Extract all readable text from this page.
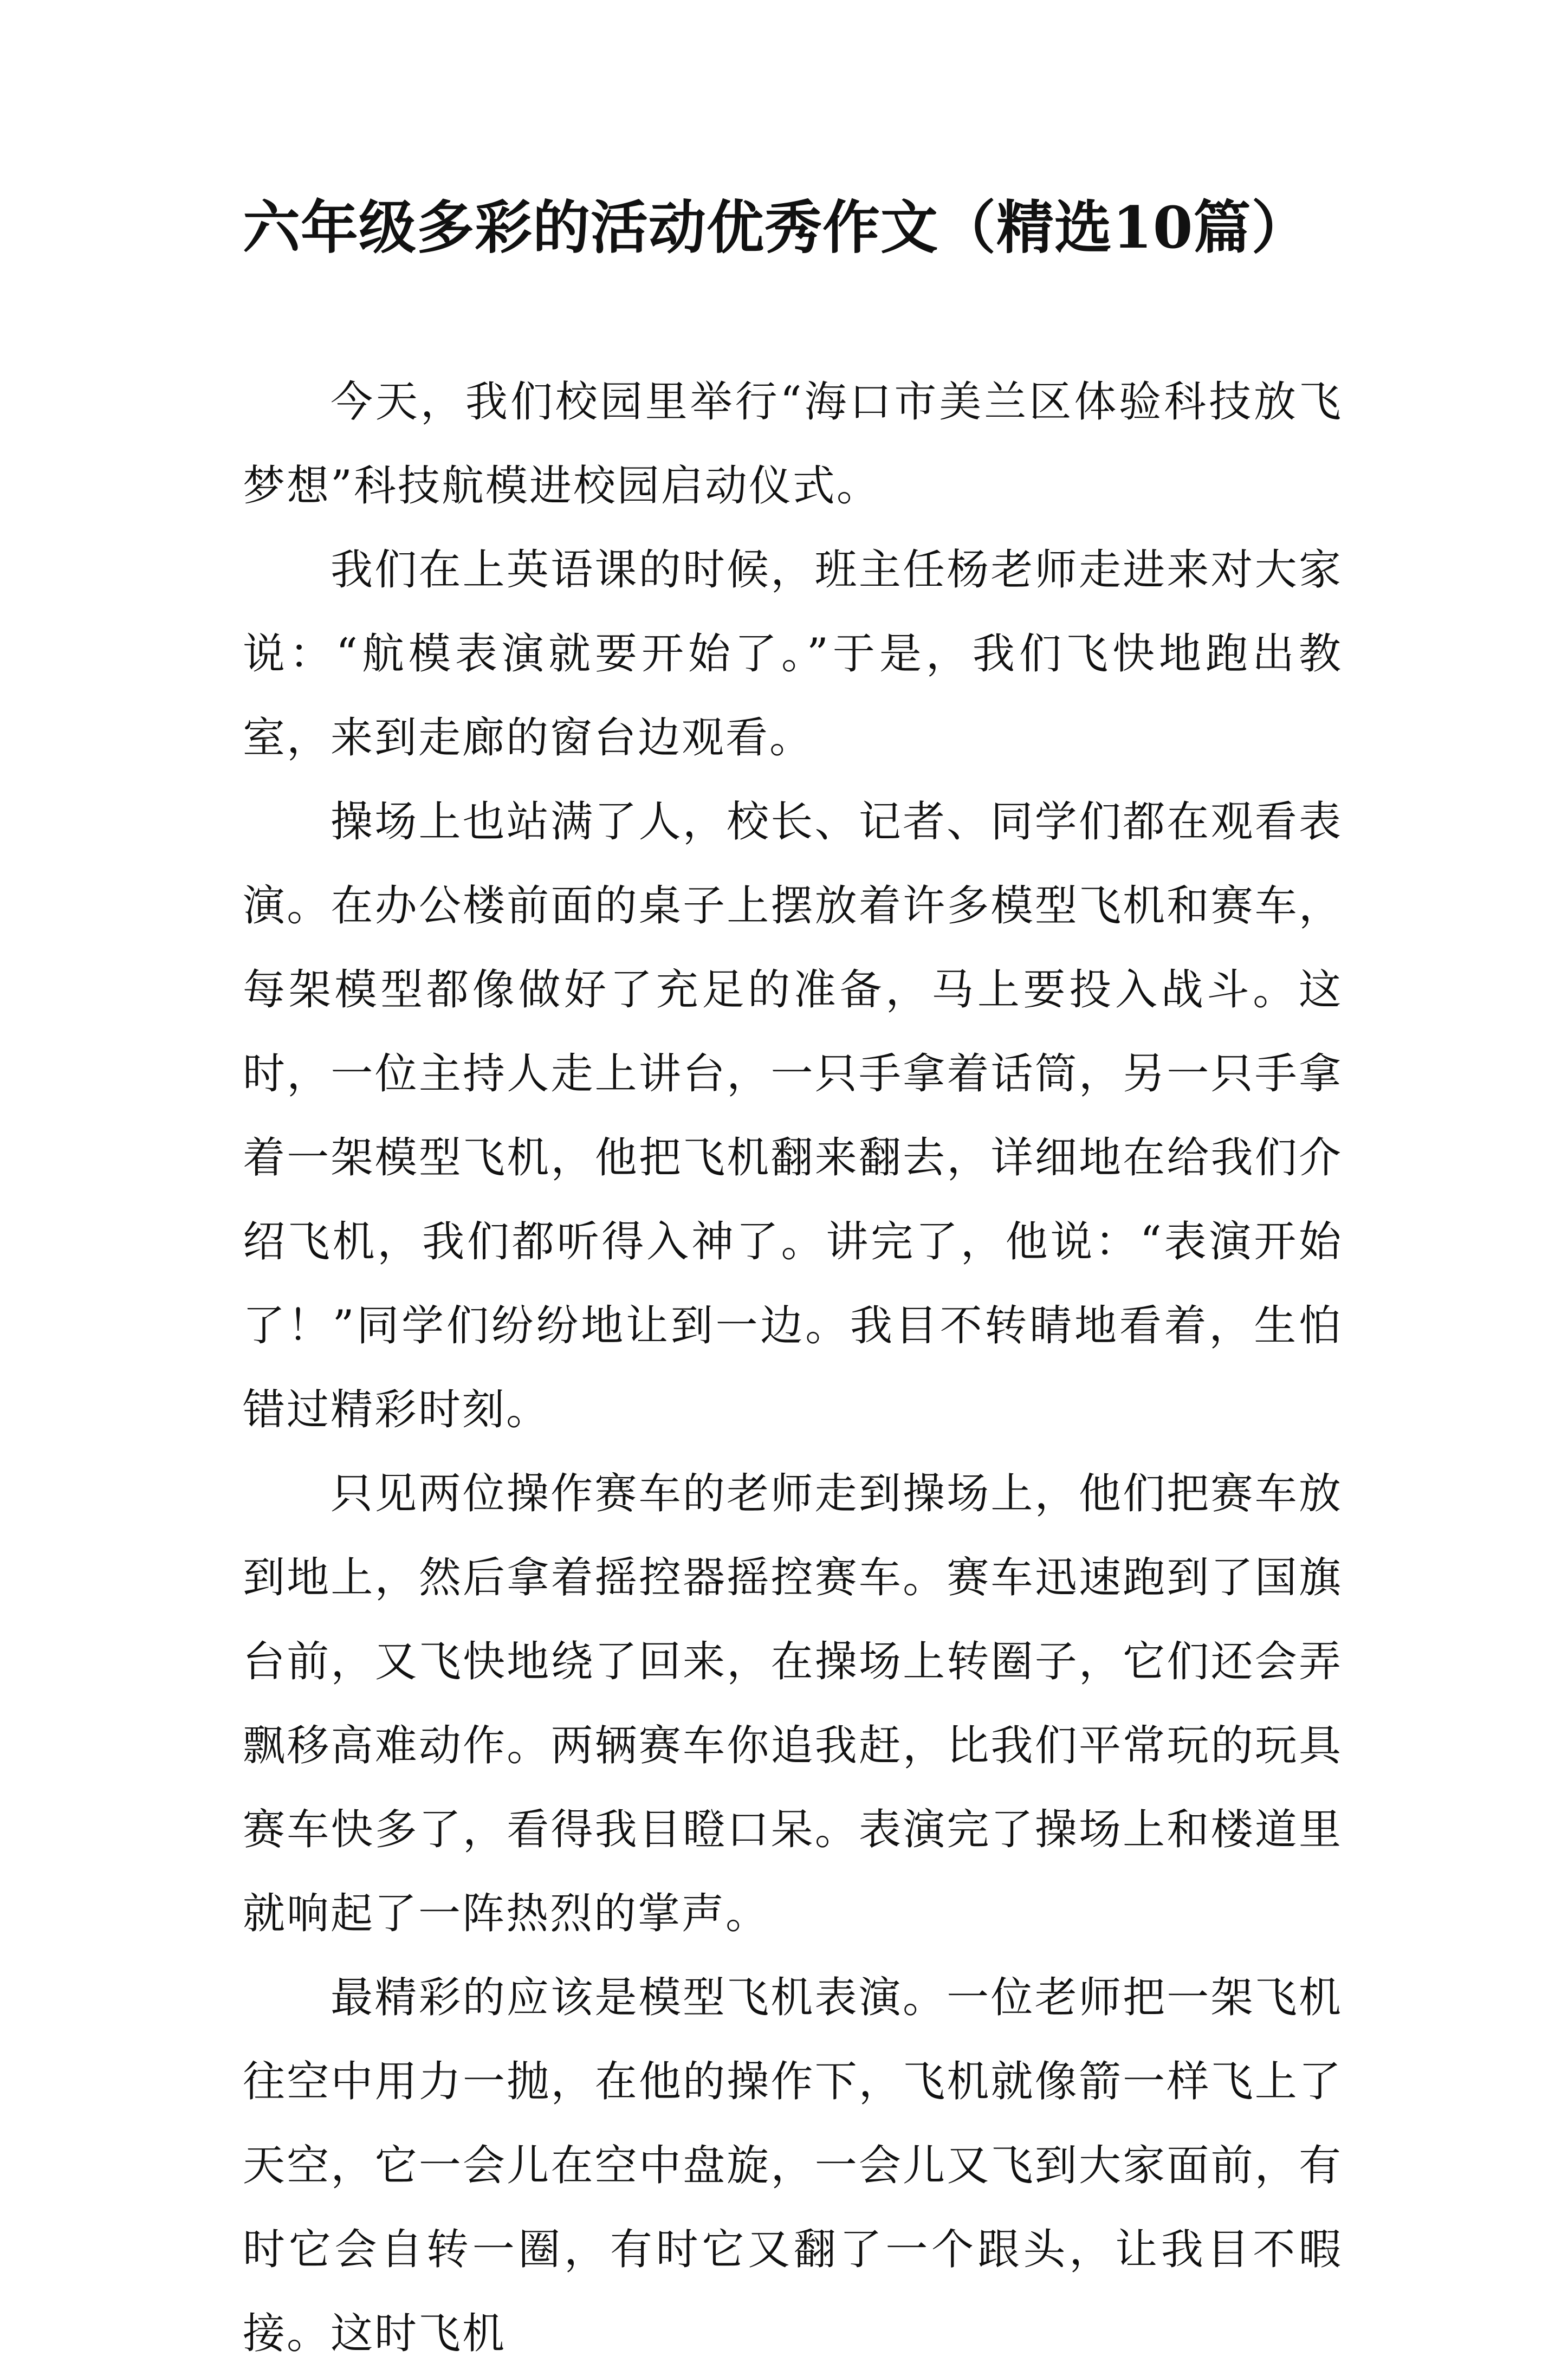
六年级多彩的活动优秀作文（精选10篇）

今天，我们校园里举行“海口市美兰区体验科技放飞梦想”科技航模进校园启动仪式。

我们在上英语课的时候，班主任杨老师走进来对大家说：“航模表演就要开始了。”于是，我们飞快地跑出教室，来到走廊的窗台边观看。

操场上也站满了人，校长、记者、同学们都在观看表演。在办公楼前面的桌子上摆放着许多模型飞机和赛车，每架模型都像做好了充足的准备，马上要投入战斗。这时，一位主持人走上讲台，一只手拿着话筒，另一只手拿着一架模型飞机，他把飞机翻来翻去，详细地在给我们介绍飞机，我们都听得入神了。讲完了，他说：“表演开始了！”同学们纷纷地让到一边。我目不转睛地看着，生怕错过精彩时刻。

只见两位操作赛车的老师走到操场上，他们把赛车放到地上，然后拿着摇控器摇控赛车。赛车迅速跑到了国旗台前，又飞快地绕了回来，在操场上转圈子，它们还会弄飘移高难动作。两辆赛车你追我赶，比我们平常玩的玩具赛车快多了，看得我目瞪口呆。表演完了操场上和楼道里就响起了一阵热烈的掌声。

最精彩的应该是模型飞机表演。一位老师把一架飞机往空中用力一抛，在他的操作下，飞机就像箭一样飞上了天空，它一会儿在空中盘旋，一会儿又飞到大家面前，有时它会自转一圈，有时它又翻了一个跟头，让我目不暇接。这时飞机
